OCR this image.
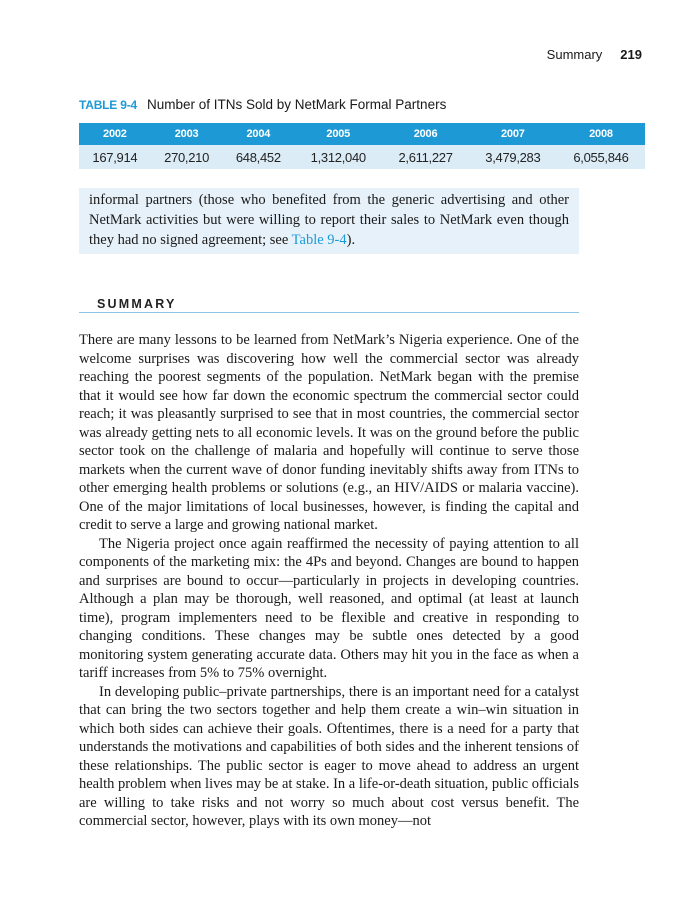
Summary 219
TABLE 9-4 Number of ITNs Sold by NetMark Formal Partners
2002	2003	2004	2005	2006	2007	2008
167,914	270,210	648,452	1,312,040	2,611,227	3,479,283	6,055,846
informal partners (those who benefited from the generic advertising and other NetMark activities but were willing to report their sales to NetMark even though they had no signed agreement; see Table 9-4).
SUMMARY

There are many lessons to be learned from NetMark’s Nigeria experience. One of the welcome surprises was discovering how well the commercial sector was already reaching the poorest segments of the population. NetMark began with the premise that it would see how far down the economic spectrum the commercial sector could reach; it was pleasantly surprised to see that in most countries, the commercial sector was already getting nets to all economic levels. It was on the ground before the public sector took on the challenge of malaria and hopefully will continue to serve those markets when the current wave of donor funding inevitably shifts away from ITNs to other emerging health problems or solutions (e.g., an HIV/AIDS or malaria vaccine). One of the major limitations of local businesses, however, is finding the capital and credit to serve a large and growing national market.

The Nigeria project once again reaffirmed the necessity of paying attention to all components of the marketing mix: the 4Ps and beyond. Changes are bound to happen and surprises are bound to occur—particularly in projects in developing countries. Although a plan may be thorough, well reasoned, and optimal (at least at launch time), program implementers need to be flexible and creative in responding to changing conditions. These changes may be subtle ones detected by a good monitoring system generating accurate data. Others may hit you in the face as when a tariff increases from 5% to 75% overnight.

In developing public–private partnerships, there is an important need for a catalyst that can bring the two sectors together and help them create a win–win situation in which both sides can achieve their goals. Oftentimes, there is a need for a party that understands the motivations and capabilities of both sides and the inherent tensions of these relationships. The public sector is eager to move ahead to address an urgent health problem when lives may be at stake. In a life-or-death situation, public officials are willing to take risks and not worry so much about cost versus benefit. The commercial sector, however, plays with its own money—not
